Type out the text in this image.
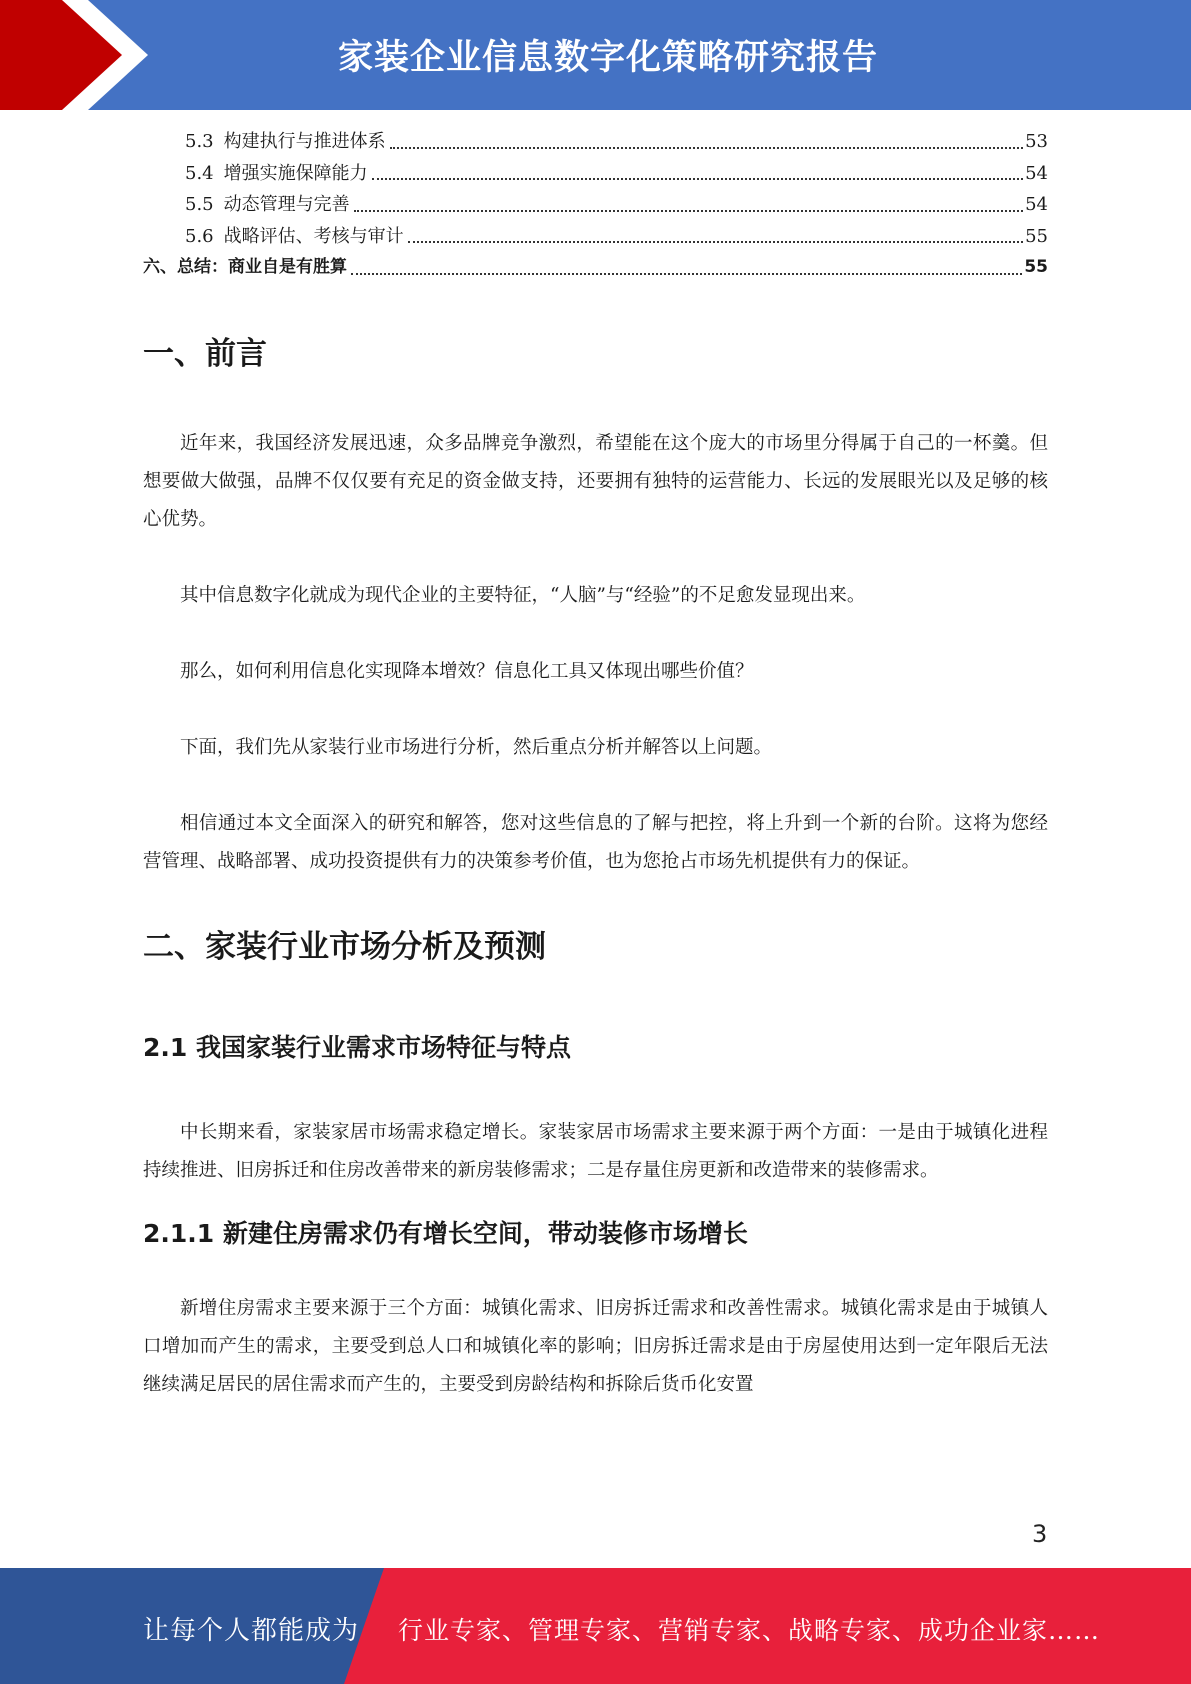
家装企业信息数字化策略研究报告
5.3 构建执行与推进体系	53
5.4 增强实施保障能力	54
5.5 动态管理与完善	54
5.6 战略评估、考核与审计	55
六、总结：商业自是有胜算	55
一、前言

近年来，我国经济发展迅速，众多品牌竞争激烈，希望能在这个庞大的市场里分得属于自己的一杯羹。但想要做大做强，品牌不仅仅要有充足的资金做支持，还要拥有独特的运营能力、长远的发展眼光以及足够的核心优势。

其中信息数字化就成为现代企业的主要特征，“人脑”与“经验”的不足愈发显现出来。

那么，如何利用信息化实现降本增效？信息化工具又体现出哪些价值？

下面，我们先从家装行业市场进行分析，然后重点分析并解答以上问题。

相信通过本文全面深入的研究和解答，您对这些信息的了解与把控，将上升到一个新的台阶。这将为您经营管理、战略部署、成功投资提供有力的决策参考价值，也为您抢占市场先机提供有力的保证。

二、家装行业市场分析及预测
2.1 我国家装行业需求市场特征与特点

中长期来看，家装家居市场需求稳定增长。家装家居市场需求主要来源于两个方面：一是由于城镇化进程持续推进、旧房拆迁和住房改善带来的新房装修需求；二是存量住房更新和改造带来的装修需求。

2.1.1 新建住房需求仍有增长空间，带动装修市场增长

新增住房需求主要来源于三个方面：城镇化需求、旧房拆迁需求和改善性需求。城镇化需求是由于城镇人口增加而产生的需求，主要受到总人口和城镇化率的影响；旧房拆迁需求是由于房屋使用达到一定年限后无法继续满足居民的居住需求而产生的，主要受到房龄结构和拆除后货币化安置

3
让每个人都能成为 行业专家、管理专家、营销专家、战略专家、成功企业家……
